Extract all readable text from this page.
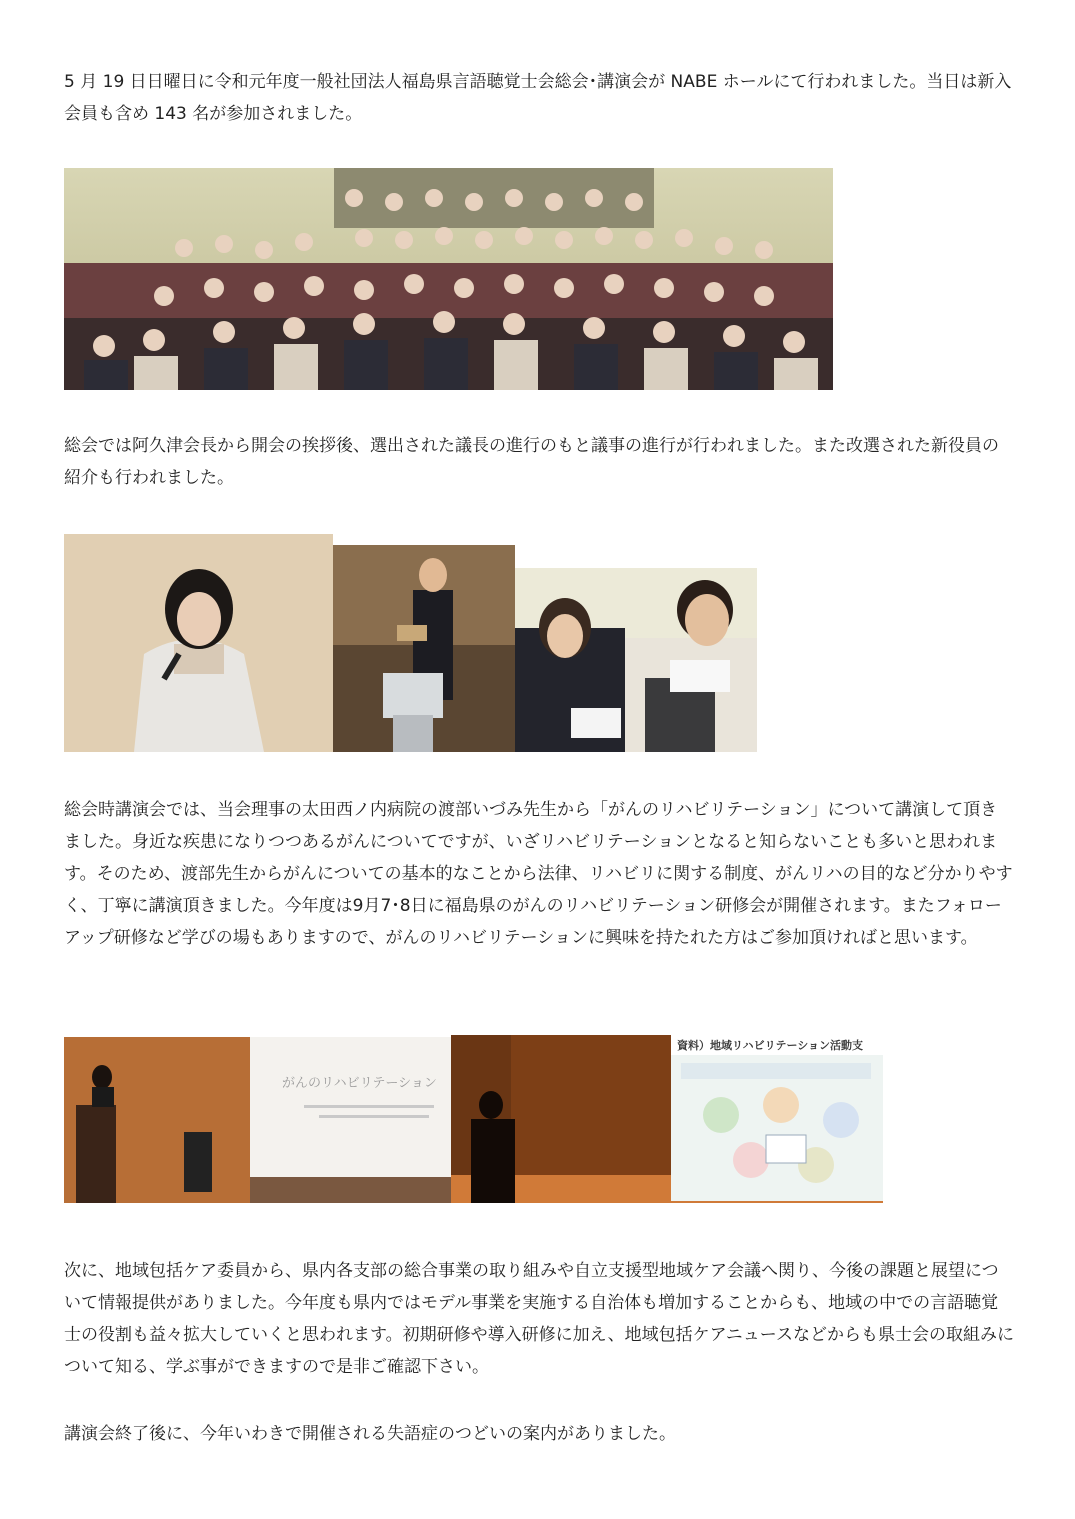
5 月 19 日日曜日に令和元年度一般社団法人福島県言語聴覚士会総会･講演会が NABE ホールにて行われました。当日は新入会員も含め 143 名が参加されました。

総会では阿久津会長から開会の挨拶後、選出された議長の進行のもと議事の進行が行われました。また改選された新役員の紹介も行われました。

総会時講演会では、当会理事の太田西ノ内病院の渡部いづみ先生から「がんのリハビリテーション」について講演して頂きました。身近な疾患になりつつあるがんについてですが、いざリハビリテーションとなると知らないことも多いと思われます。そのため、渡部先生からがんについての基本的なことから法律、リハビリに関する制度、がんリハの目的など分かりやすく、丁寧に講演頂きました。今年度は9月7･8日に福島県のがんのリハビリテーション研修会が開催されます。またフォローアップ研修など学びの場もありますので、がんのリハビリテーションに興味を持たれた方はご参加頂ければと思います。

がんのリハビリテーション
資料）地域リハビリテーション活動支

次に、地域包括ケア委員から、県内各支部の総合事業の取り組みや自立支援型地域ケア会議へ関り、今後の課題と展望について情報提供がありました。今年度も県内ではモデル事業を実施する自治体も増加することからも、地域の中での言語聴覚士の役割も益々拡大していくと思われます。初期研修や導入研修に加え、地域包括ケアニュースなどからも県士会の取組みについて知る、学ぶ事ができますので是非ご確認下さい。

講演会終了後に、今年いわきで開催される失語症のつどいの案内がありました。
